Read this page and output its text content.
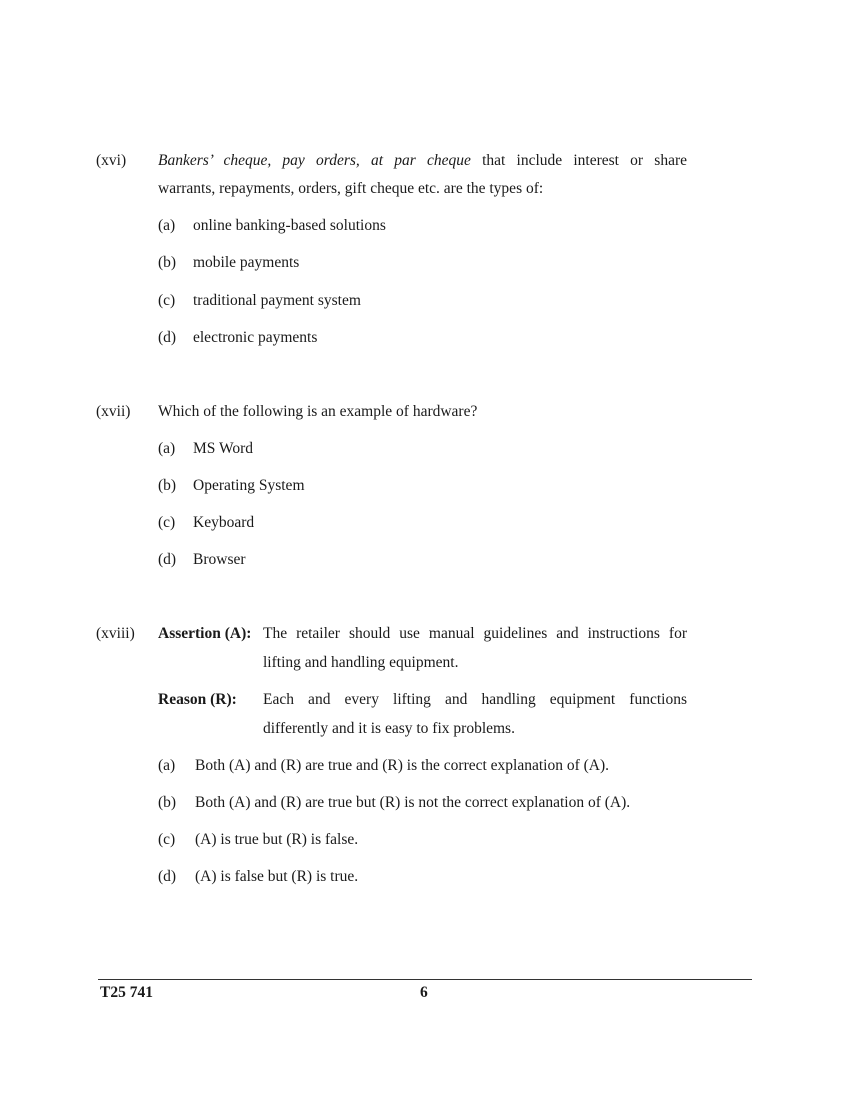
(xvi) Bankers’ cheque, pay orders, at par cheque that include interest or share
warrants, repayments, orders, gift cheque etc. are the types of:
(a) online banking-based solutions
(b) mobile payments
(c) traditional payment system
(d) electronic payments
(xvii) Which of the following is an example of hardware?
(a) MS Word
(b) Operating System
(c) Keyboard
(d) Browser
(xviii) Assertion (A): The retailer should use manual guidelines and instructions for
lifting and handling equipment.
Reason (R): Each and every lifting and handling equipment functions
differently and it is easy to fix problems.
(a) Both (A) and (R) are true and (R) is the correct explanation of (A).
(b) Both (A) and (R) are true but (R) is not the correct explanation of (A).
(c) (A) is true but (R) is false.
(d) (A) is false but (R) is true.
T25 741	6
